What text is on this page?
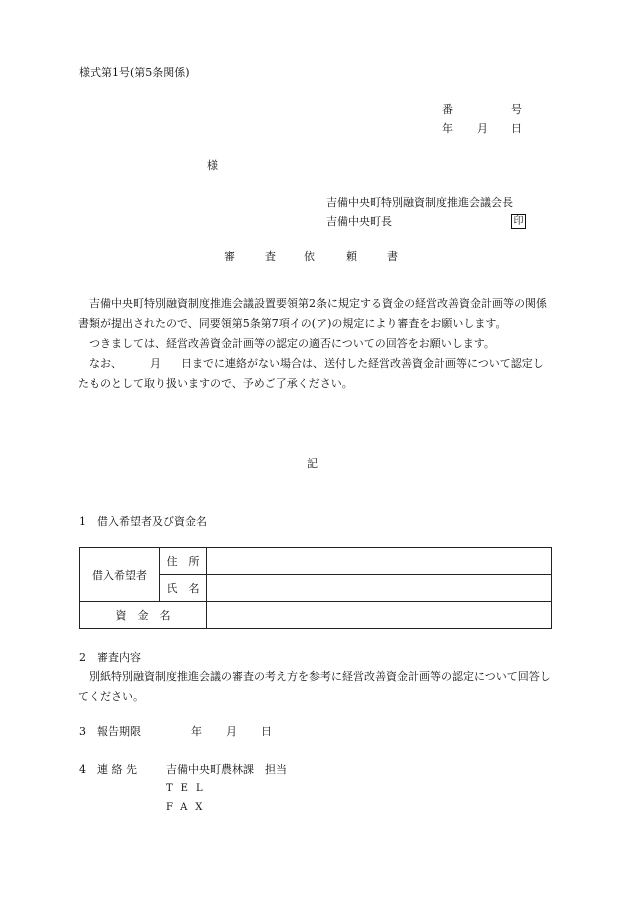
様式第1号(第5条関係)
番	号
年 月 日
様
吉備中央町特別融資制度推進会議会長
吉備中央町長	印
審	査	依	頼	書

吉備中央町特別融資制度推進会議設置要領第2条に規定する資金の経営改善資金計画等の関係書類が提出されたので、同要領第5条第7項イの(ア)の規定により審査をお願いします。

つきましては、経営改善資金計画等の認定の適否についての回答をお願いします。

なお、	月 日までに連絡がない場合は、送付した経営改善資金計画等について認定したものとして取り扱いますので、予めご了承ください。

記
1　借入希望者及び資金名
借入希望者	住　所	
	氏　名	
資　金　名		
2　審査内容

別紙特別融資制度推進会議の審査の考え方を参考に経営改善資金計画等の認定について回答してください。

3　報告期限	年 月 日
4　連 絡 先	吉備中央町農林課　担当
TEL
FAX
